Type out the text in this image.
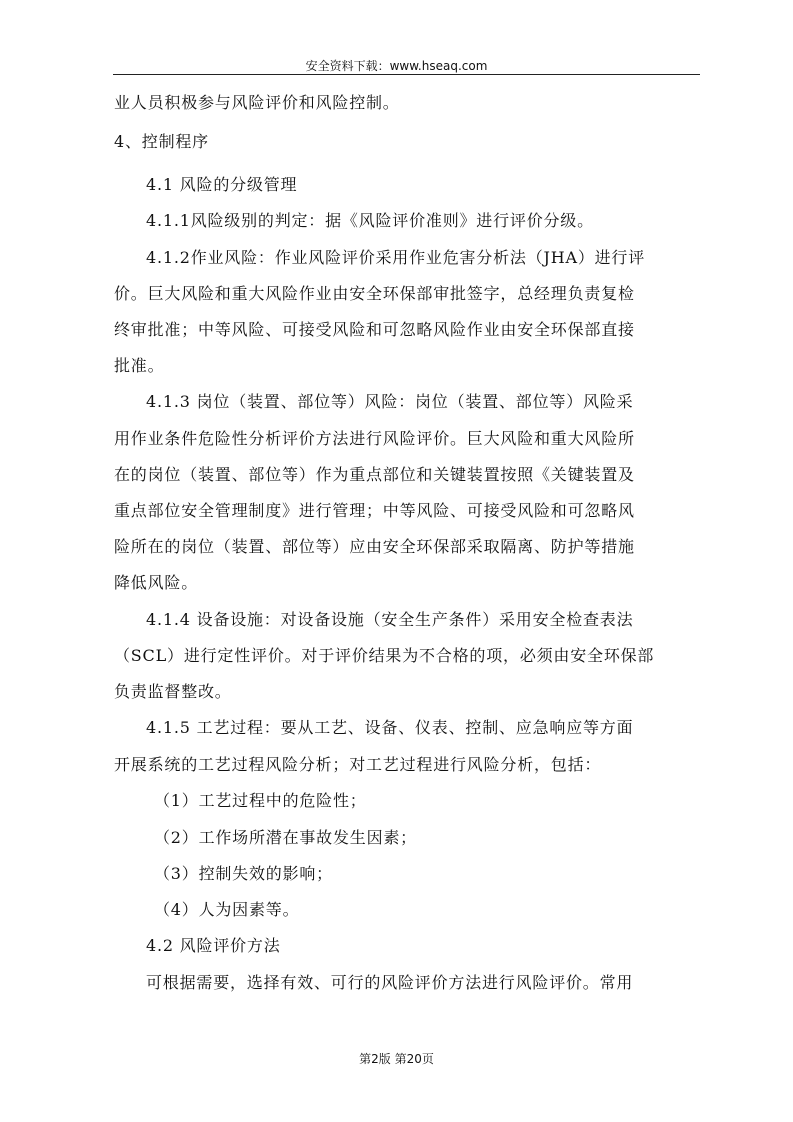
安全资料下载：www.hseaq.com

业人员积极参与风险评价和风险控制。

4、控制程序

4.1 风险的分级管理

4.1.1风险级别的判定：据《风险评价准则》进行评价分级。

4.1.2作业风险：作业风险评价采用作业危害分析法（JHA）进行评

价。巨大风险和重大风险作业由安全环保部审批签字，总经理负责复检

终审批准；中等风险、可接受风险和可忽略风险作业由安全环保部直接

批准。

4.1.3 岗位（装置、部位等）风险：岗位（装置、部位等）风险采

用作业条件危险性分析评价方法进行风险评价。巨大风险和重大风险所

在的岗位（装置、部位等）作为重点部位和关键装置按照《关键装置及

重点部位安全管理制度》进行管理；中等风险、可接受风险和可忽略风

险所在的岗位（装置、部位等）应由安全环保部采取隔离、防护等措施

降低风险。

4.1.4 设备设施：对设备设施（安全生产条件）采用安全检查表法

（SCL）进行定性评价。对于评价结果为不合格的项，必须由安全环保部

负责监督整改。

4.1.5 工艺过程：要从工艺、设备、仪表、控制、应急响应等方面

开展系统的工艺过程风险分析；对工艺过程进行风险分析，包括：

（1）工艺过程中的危险性；

（2）工作场所潜在事故发生因素；

（3）控制失效的影响；

（4）人为因素等。

4.2 风险评价方法

可根据需要，选择有效、可行的风险评价方法进行风险评价。常用

第2版 第20页
